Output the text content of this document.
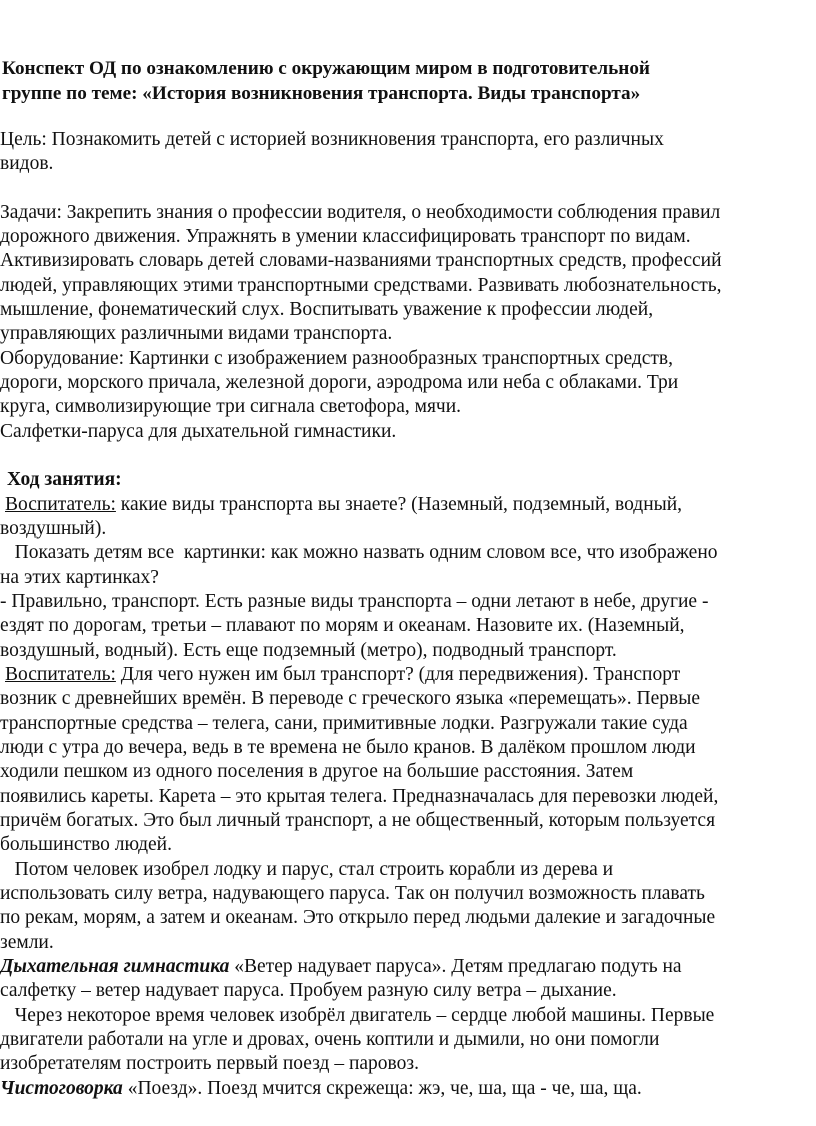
Конспект ОД по ознакомлению с окружающим миром в подготовительной
группе по теме: «История возникновения транспорта. Виды транспорта»
Цель: Познакомить детей с историей возникновения транспорта, его различных
видов.
Задачи: Закрепить знания о профессии водителя, о необходимости соблюдения правил
дорожного движения. Упражнять в умении классифицировать транспорт по видам.
Активизировать словарь детей словами-названиями транспортных средств, профессий
людей, управляющих этими транспортными средствами. Развивать любознательность,
мышление, фонематический слух. Воспитывать уважение к профессии людей,
управляющих различными видами транспорта.
Оборудование: Картинки с изображением разнообразных транспортных средств,
дороги, морского причала, железной дороги, аэродрома или неба с облаками. Три
круга, символизирующие три сигнала светофора, мячи.
Салфетки-паруса для дыхательной гимнастики.
Ход занятия:
Воспитатель: какие виды транспорта вы знаете? (Наземный, подземный, водный,
воздушный).
Показать детям все  картинки: как можно назвать одним словом все, что изображено
на этих картинках?
- Правильно, транспорт. Есть разные виды транспорта – одни летают в небе, другие -
ездят по дорогам, третьи – плавают по морям и океанам. Назовите их. (Наземный,
воздушный, водный). Есть еще подземный (метро), подводный транспорт.
Воспитатель: Для чего нужен им был транспорт? (для передвижения). Транспорт
возник с древнейших времён. В переводе с греческого языка «перемещать». Первые
транспортные средства – телега, сани, примитивные лодки. Разгружали такие суда
люди с утра до вечера, ведь в те времена не было кранов. В далёком прошлом люди
ходили пешком из одного поселения в другое на большие расстояния. Затем
появились кареты. Карета – это крытая телега. Предназначалась для перевозки людей,
причём богатых. Это был личный транспорт, а не общественный, которым пользуется
большинство людей.
Потом человек изобрел лодку и парус, стал строить корабли из дерева и
использовать силу ветра, надувающего паруса. Так он получил возможность плавать
по рекам, морям, а затем и океанам. Это открыло перед людьми далекие и загадочные
земли.
Дыхательная гимнастика «Ветер надувает паруса». Детям предлагаю подуть на
салфетку – ветер надувает паруса. Пробуем разную силу ветра – дыхание.
Через некоторое время человек изобрёл двигатель – сердце любой машины. Первые
двигатели работали на угле и дровах, очень коптили и дымили, но они помогли
изобретателям построить первый поезд – паровоз.
Чистоговорка «Поезд». Поезд мчится скрежеща: жэ, че, ша, ща - че, ша, ща.
